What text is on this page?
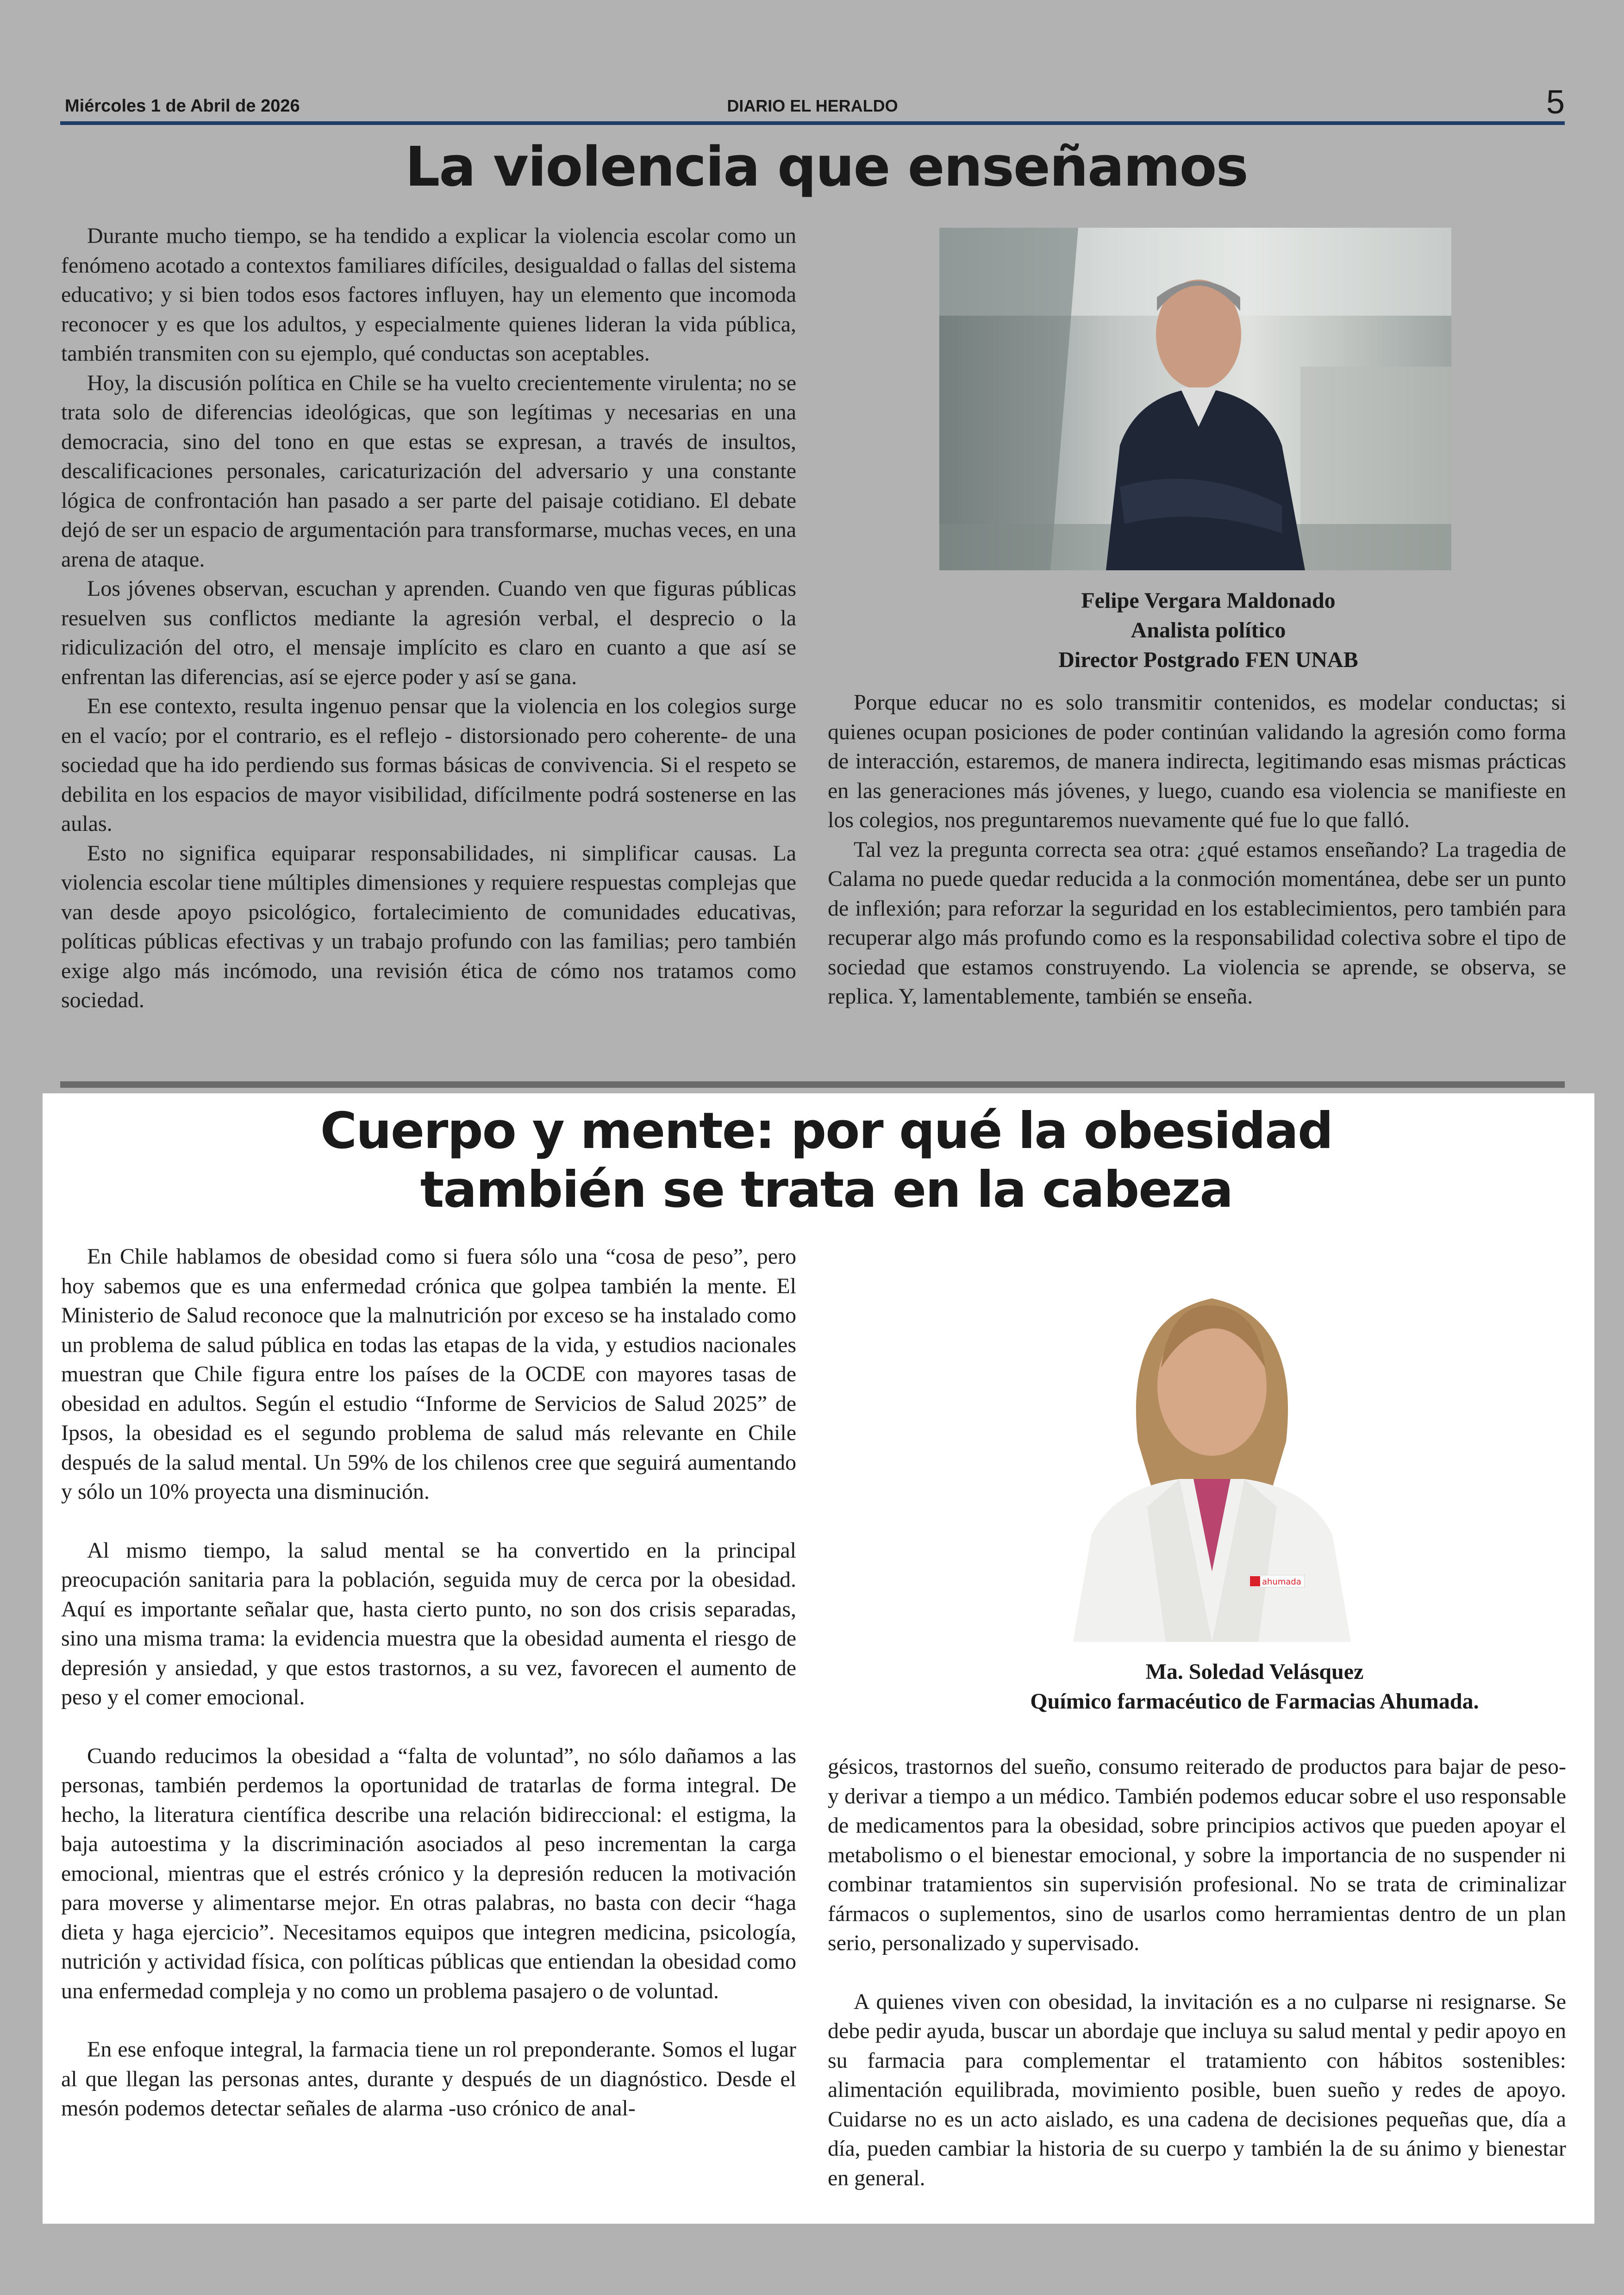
Miércoles 1 de Abril de 2026	DIARIO EL HERALDO	5
La violencia que enseñamos

Durante mucho tiempo, se ha tendido a explicar la violencia escolar como un fenómeno acotado a contextos familiares difíciles, desigualdad o fallas del sistema educativo; y si bien todos esos factores influyen, hay un elemento que incomoda reconocer y es que los adultos, y especialmente quienes lideran la vida pública, también transmiten con su ejemplo, qué conductas son aceptables.

Hoy, la discusión política en Chile se ha vuelto crecientemente virulenta; no se trata solo de diferencias ideológicas, que son legítimas y necesarias en una democracia, sino del tono en que estas se expresan, a través de insultos, descalificaciones personales, caricaturización del adversario y una constante lógica de confrontación han pasado a ser parte del paisaje cotidiano. El debate dejó de ser un espacio de argumentación para transformarse, muchas veces, en una arena de ataque.

Los jóvenes observan, escuchan y aprenden. Cuando ven que figuras públicas resuelven sus conflictos mediante la agresión verbal, el desprecio o la ridiculización del otro, el mensaje implícito es claro en cuanto a que así se enfrentan las diferencias, así se ejerce poder y así se gana.

En ese contexto, resulta ingenuo pensar que la violencia en los colegios surge en el vacío; por el contrario, es el reflejo - distorsionado pero coherente- de una sociedad que ha ido perdiendo sus formas básicas de convivencia. Si el respeto se debilita en los espacios de mayor visibilidad, difícilmente podrá sostenerse en las aulas.

Esto no significa equiparar responsabilidades, ni simplificar causas. La violencia escolar tiene múltiples dimensiones y requiere respuestas complejas que van desde apoyo psicológico, fortalecimiento de comunidades educativas, políticas públicas efectivas y un trabajo profundo con las familias; pero también exige algo más incómodo, una revisión ética de cómo nos tratamos como sociedad.

Felipe Vergara Maldonado
Analista político
Director Postgrado FEN UNAB

Porque educar no es solo transmitir contenidos, es modelar conductas; si quienes ocupan posiciones de poder continúan validando la agresión como forma de interacción, estaremos, de manera indirecta, legitimando esas mismas prácticas en las generaciones más jóvenes, y luego, cuando esa violencia se manifieste en los colegios, nos preguntaremos nuevamente qué fue lo que falló.

Tal vez la pregunta correcta sea otra: ¿qué estamos enseñando? La tragedia de Calama no puede quedar reducida a la conmoción momentánea, debe ser un punto de inflexión; para reforzar la seguridad en los establecimientos, pero también para recuperar algo más profundo como es la responsabilidad colectiva sobre el tipo de sociedad que estamos construyendo. La violencia se aprende, se observa, se replica. Y, lamentablemente, también se enseña.

Cuerpo y mente: por qué la obesidad
también se trata en la cabeza

En Chile hablamos de obesidad como si fuera sólo una “cosa de peso”, pero hoy sabemos que es una enfermedad crónica que golpea también la mente. El Ministerio de Salud reconoce que la malnutrición por exceso se ha instalado como un problema de salud pública en todas las etapas de la vida, y estudios nacionales muestran que Chile figura entre los países de la OCDE con mayores tasas de obesidad en adultos. Según el estudio “Informe de Servicios de Salud 2025” de Ipsos, la obesidad es el segundo problema de salud más relevante en Chile después de la salud mental. Un 59% de los chilenos cree que seguirá aumentando y sólo un 10% proyecta una disminución.

Al mismo tiempo, la salud mental se ha convertido en la principal preocupación sanitaria para la población, seguida muy de cerca por la obesidad. Aquí es importante señalar que, hasta cierto punto, no son dos crisis separadas, sino una misma trama: la evidencia muestra que la obesidad aumenta el riesgo de depresión y ansiedad, y que estos trastornos, a su vez, favorecen el aumento de peso y el comer emocional.

Cuando reducimos la obesidad a “falta de voluntad”, no sólo dañamos a las personas, también perdemos la oportunidad de tratarlas de forma integral. De hecho, la literatura científica describe una relación bidireccional: el estigma, la baja autoestima y la discriminación asociados al peso incrementan la carga emocional, mientras que el estrés crónico y la depresión reducen la motivación para moverse y alimentarse mejor. En otras palabras, no basta con decir “haga dieta y haga ejercicio”. Necesitamos equipos que integren medicina, psicología, nutrición y actividad física, con políticas públicas que entiendan la obesidad como una enfermedad compleja y no como un problema pasajero o de voluntad.

En ese enfoque integral, la farmacia tiene un rol preponderante. Somos el lugar al que llegan las personas antes, durante y después de un diagnóstico. Desde el mesón podemos detectar señales de alarma -uso crónico de anal-

ahumada
Ma. Soledad Velásquez
Químico farmacéutico de Farmacias Ahumada.

gésicos, trastornos del sueño, consumo reiterado de productos para bajar de peso- y derivar a tiempo a un médico. También podemos educar sobre el uso responsable de medicamentos para la obesidad, sobre principios activos que pueden apoyar el metabolismo o el bienestar emocional, y sobre la importancia de no suspender ni combinar tratamientos sin supervisión profesional. No se trata de criminalizar fármacos o suplementos, sino de usarlos como herramientas dentro de un plan serio, personalizado y supervisado.

A quienes viven con obesidad, la invitación es a no culparse ni resignarse. Se debe pedir ayuda, buscar un abordaje que incluya su salud mental y pedir apoyo en su farmacia para complementar el tratamiento con hábitos sostenibles: alimentación equilibrada, movimiento posible, buen sueño y redes de apoyo. Cuidarse no es un acto aislado, es una cadena de decisiones pequeñas que, día a día, pueden cambiar la historia de su cuerpo y también la de su ánimo y bienestar en general.
